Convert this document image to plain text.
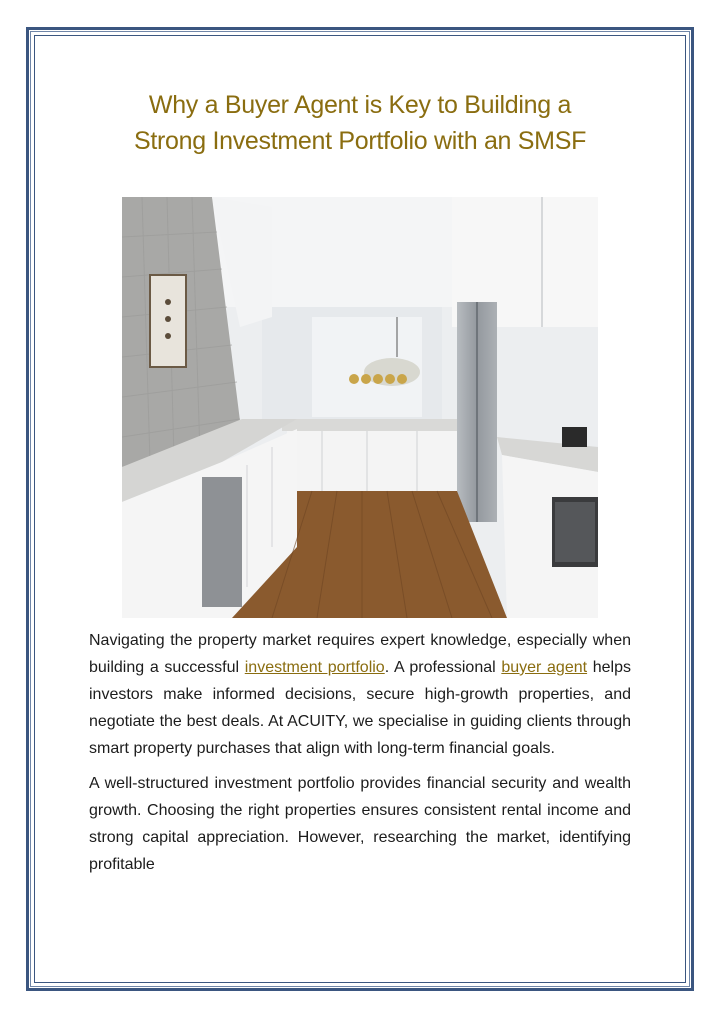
Why a Buyer Agent is Key to Building a
Strong Investment Portfolio with an SMSF

Navigating the property market requires expert knowledge, especially when building a successful investment portfolio. A professional buyer agent helps investors make informed decisions, secure high-growth properties, and negotiate the best deals. At ACUITY, we specialise in guiding clients through smart property purchases that align with long-term financial goals.

A well-structured investment portfolio provides financial security and wealth growth. Choosing the right properties ensures consistent rental income and strong capital appreciation. However, researching the market, identifying profitable
